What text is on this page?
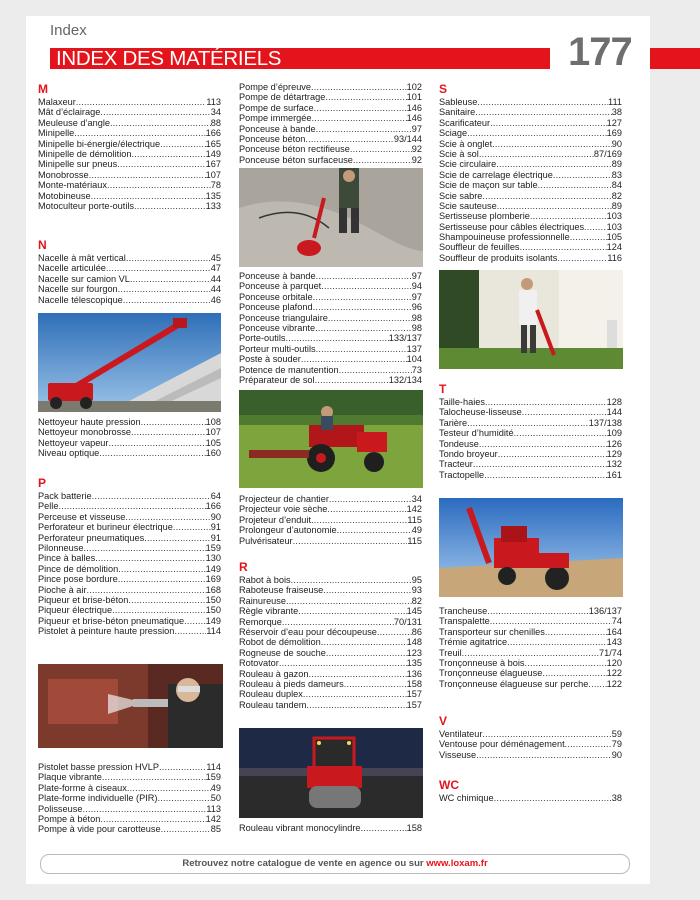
Index
INDEX DES MATÉRIELS	177
M
Malaxeur .....	113
Mât d’éclairage .....	34
Meuleuse d’angle .....	88
Minipelle .....	166
Minipelle bi-énergie/électrique .....	165
Minipelle de démolition .....	149
Minipelle sur pneus .....	167
Monobrosse .....	107
Monte-matériaux .....	78
Motobineuse .....	135
Motoculteur porte-outils .....	133
N
Nacelle à mât vertical .....	45
Nacelle articulée .....	47
Nacelle sur camion VL .....	44
Nacelle sur fourgon .....	44
Nacelle télescopique .....	46
Nettoyeur haute pression .....	108
Nettoyeur monobrosse .....	107
Nettoyeur vapeur .....	105
Niveau optique .....	160
P
Pack batterie .....	64
Pelle .....	166
Perceuse et visseuse .....	90
Perforateur et burineur électrique .....	91
Perforateur pneumatiques .....	91
Pilonneuse .....	159
Pince à balles .....	130
Pince de démolition .....	149
Pince pose bordure .....	169
Pioche à air .....	168
Piqueur et brise-béton .....	150
Piqueur électrique .....	150
Piqueur et brise-béton pneumatique ..... 149
Pistolet à peinture haute pression .....	114
Pistolet basse pression HVLP .....	114
Plaque vibrante .....	159
Plate-forme à ciseaux .....	49
Plate-forme individuelle (PIR) .....	50
Polisseuse .....	113
Pompe à béton .....	142
Pompe à vide pour carotteuse .....	85
Pompe d’épreuve .....	102
Pompe de détartrage .....	101
Pompe de surface .....	146
Pompe immergée .....	146
Ponceuse à bande .....	97
Ponceuse béton .....	93/144
Ponceuse béton rectifieuse .....	92
Ponceuse béton surfaceuse .....	92
Ponceuse à bande .....	97
Ponceuse à parquet .....	94
Ponceuse orbitale .....	97
Ponceuse plafond .....	96
Ponceuse triangulaire .....	98
Ponceuse vibrante .....	98
Porte-outils .....	133/137
Porteur multi-outils .....	137
Poste à souder .....	104
Potence de manutention .....	73
Préparateur de sol .....	132/134
Projecteur de chantier .....	34
Projecteur voie sèche .....	142
Projeteur d’enduit .....	115
Prolongeur d’autonomie .....	49
Pulvérisateur .....	115
R
Rabot à bois .....	95
Raboteuse fraiseuse .....	93
Rainureuse .....	82
Règle vibrante .....	145
Remorque .....	70/131
Réservoir d’eau pour découpeuse .....	86
Robot de démolition .....	148
Rogneuse de souche .....	123
Rotovator .....	135
Rouleau à gazon .....	136
Rouleau à pieds dameurs .....	158
Rouleau duplex .....	157
Rouleau tandem .....	157
Rouleau vibrant monocylindre .....	158
S
Sableuse .....	111
Sanitaire .....	38
Scarificateur .....	127
Sciage .....	169
Scie à onglet .....	90
Scie à sol .....	87/169
Scie circulaire .....	89
Scie de carrelage électrique .....	83
Scie de maçon sur table .....	84
Scie sabre .....	82
Scie sauteuse .....	89
Sertisseuse plomberie .....	103
Sertisseuse pour câbles électriques ..... 103
Shampouineuse professionnelle .....	105
Souffleur de feuilles .....	124
Souffleur de produits isolants .....	116
T
Taille-haies .....	128
Talocheuse-lisseuse .....	144
Tarière .....	137/138
Testeur d’humidité .....	109
Tondeuse .....	126
Tondo broyeur .....	129
Tracteur .....	132
Tractopelle .....	161
Trancheuse .....	136/137
Transpalette .....	74
Transporteur sur chenilles .....	164
Trémie agitatrice .....	143
Treuil .....	71/74
Tronçonneuse à bois .....	120
Tronçonneuse élagueuse .....	122
Tronçonneuse élagueuse sur perche ..... 122
V
Ventilateur .....	59
Ventouse pour déménagement .....	79
Visseuse .....	90
WC
WC chimique .....	38
Retrouvez notre catalogue de vente en agence ou sur www.loxam.fr
